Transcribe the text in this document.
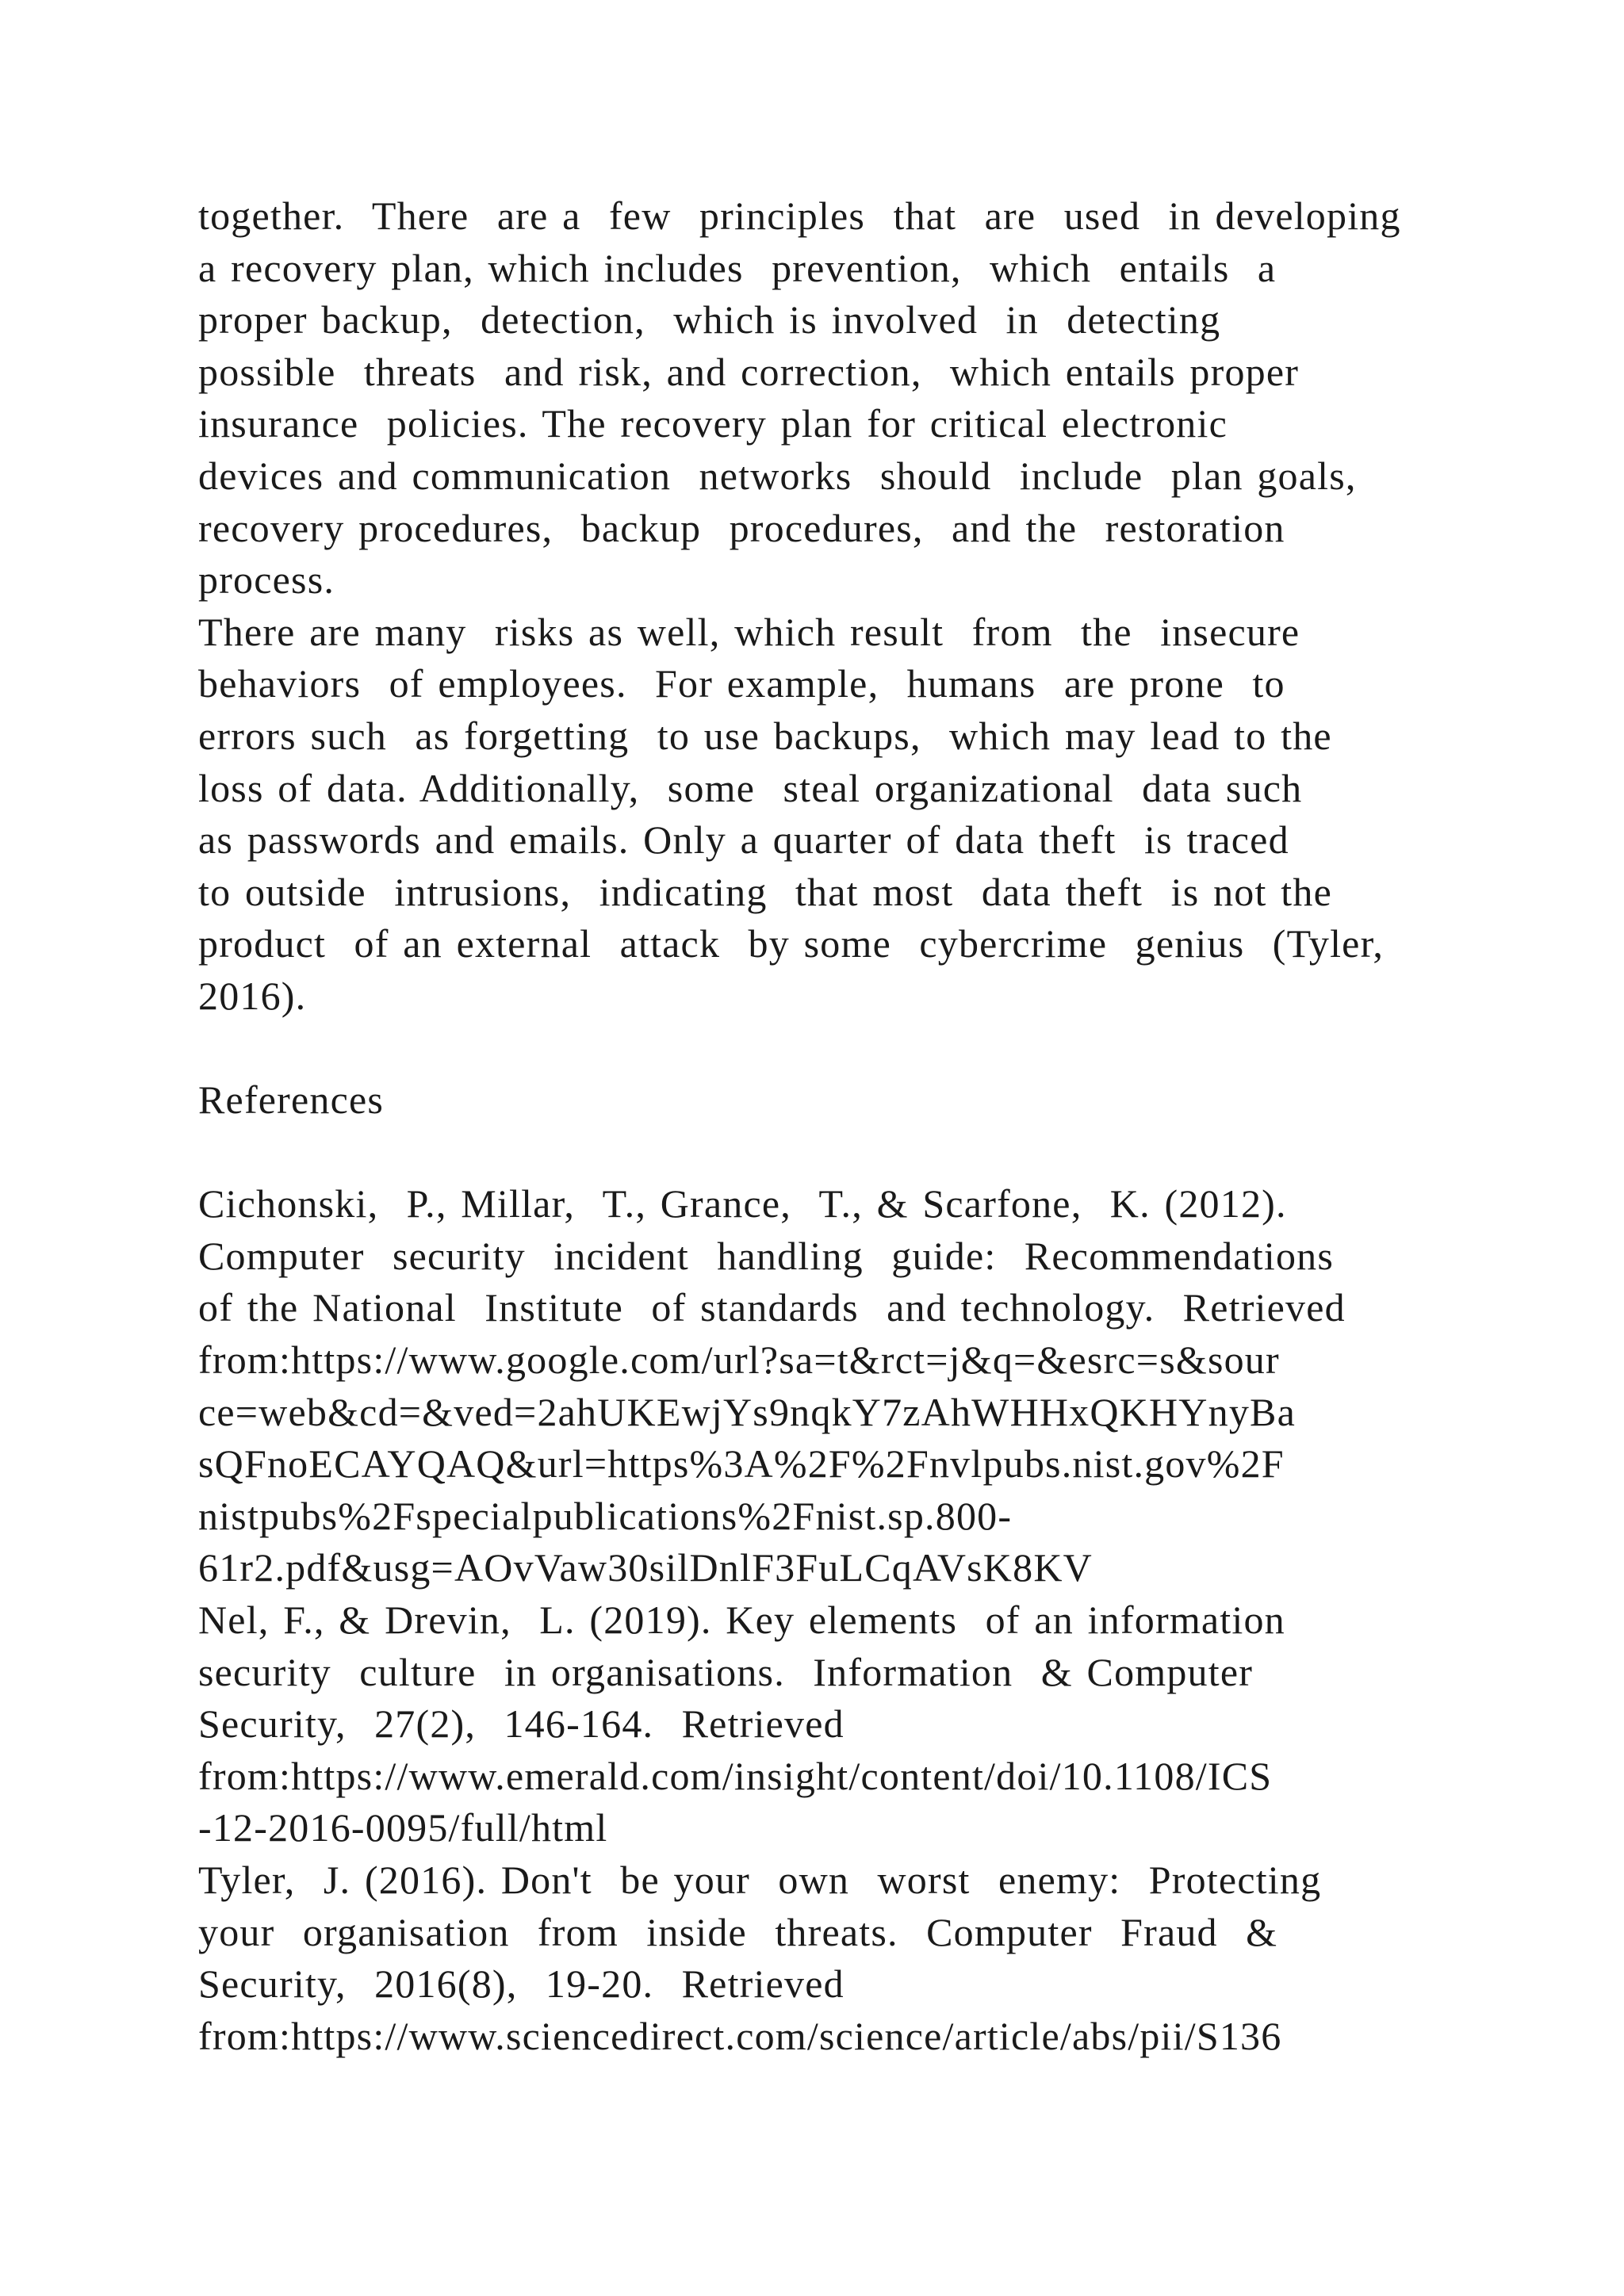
together.  There  are a  few  principles  that  are  used  in developing
a recovery plan, which includes  prevention,  which  entails  a
proper backup,  detection,  which is involved  in  detecting
possible  threats  and risk, and correction,  which entails proper
insurance  policies. The recovery plan for critical electronic
devices and communication  networks  should  include  plan goals,
recovery procedures,  backup  procedures,  and the  restoration
process.
There are many  risks as well, which result  from  the  insecure
behaviors  of employees.  For example,  humans  are prone  to
errors such  as forgetting  to use backups,  which may lead to the
loss of data. Additionally,  some  steal organizational  data such
as passwords and emails. Only a quarter of data theft  is traced
to outside  intrusions,  indicating  that most  data theft  is not the
product  of an external  attack  by some  cybercrime  genius  (Tyler,
2016).
References
Cichonski,  P., Millar,  T., Grance,  T., & Scarfone,  K. (2012).
Computer  security  incident  handling  guide:  Recommendations
of the National  Institute  of standards  and technology.  Retrieved
from:https://www.google.com/url?sa=t&rct=j&q=&esrc=s&sour
ce=web&cd=&ved=2ahUKEwjYs9nqkY7zAhWHHxQKHYnyBa
sQFnoECAYQAQ&url=https%3A%2F%2Fnvlpubs.nist.gov%2F
nistpubs%2Fspecialpublications%2Fnist.sp.800-
61r2.pdf&usg=AOvVaw30silDnlF3FuLCqAVsK8KV
Nel, F., & Drevin,  L. (2019). Key elements  of an information
security  culture  in organisations.  Information  & Computer
Security,  27(2),  146-164.  Retrieved
from:https://www.emerald.com/insight/content/doi/10.1108/ICS
-12-2016-0095/full/html
Tyler,  J. (2016). Don't  be your  own  worst  enemy:  Protecting
your  organisation  from  inside  threats.  Computer  Fraud  &
Security,  2016(8),  19-20.  Retrieved
from:https://www.sciencedirect.com/science/article/abs/pii/S136
